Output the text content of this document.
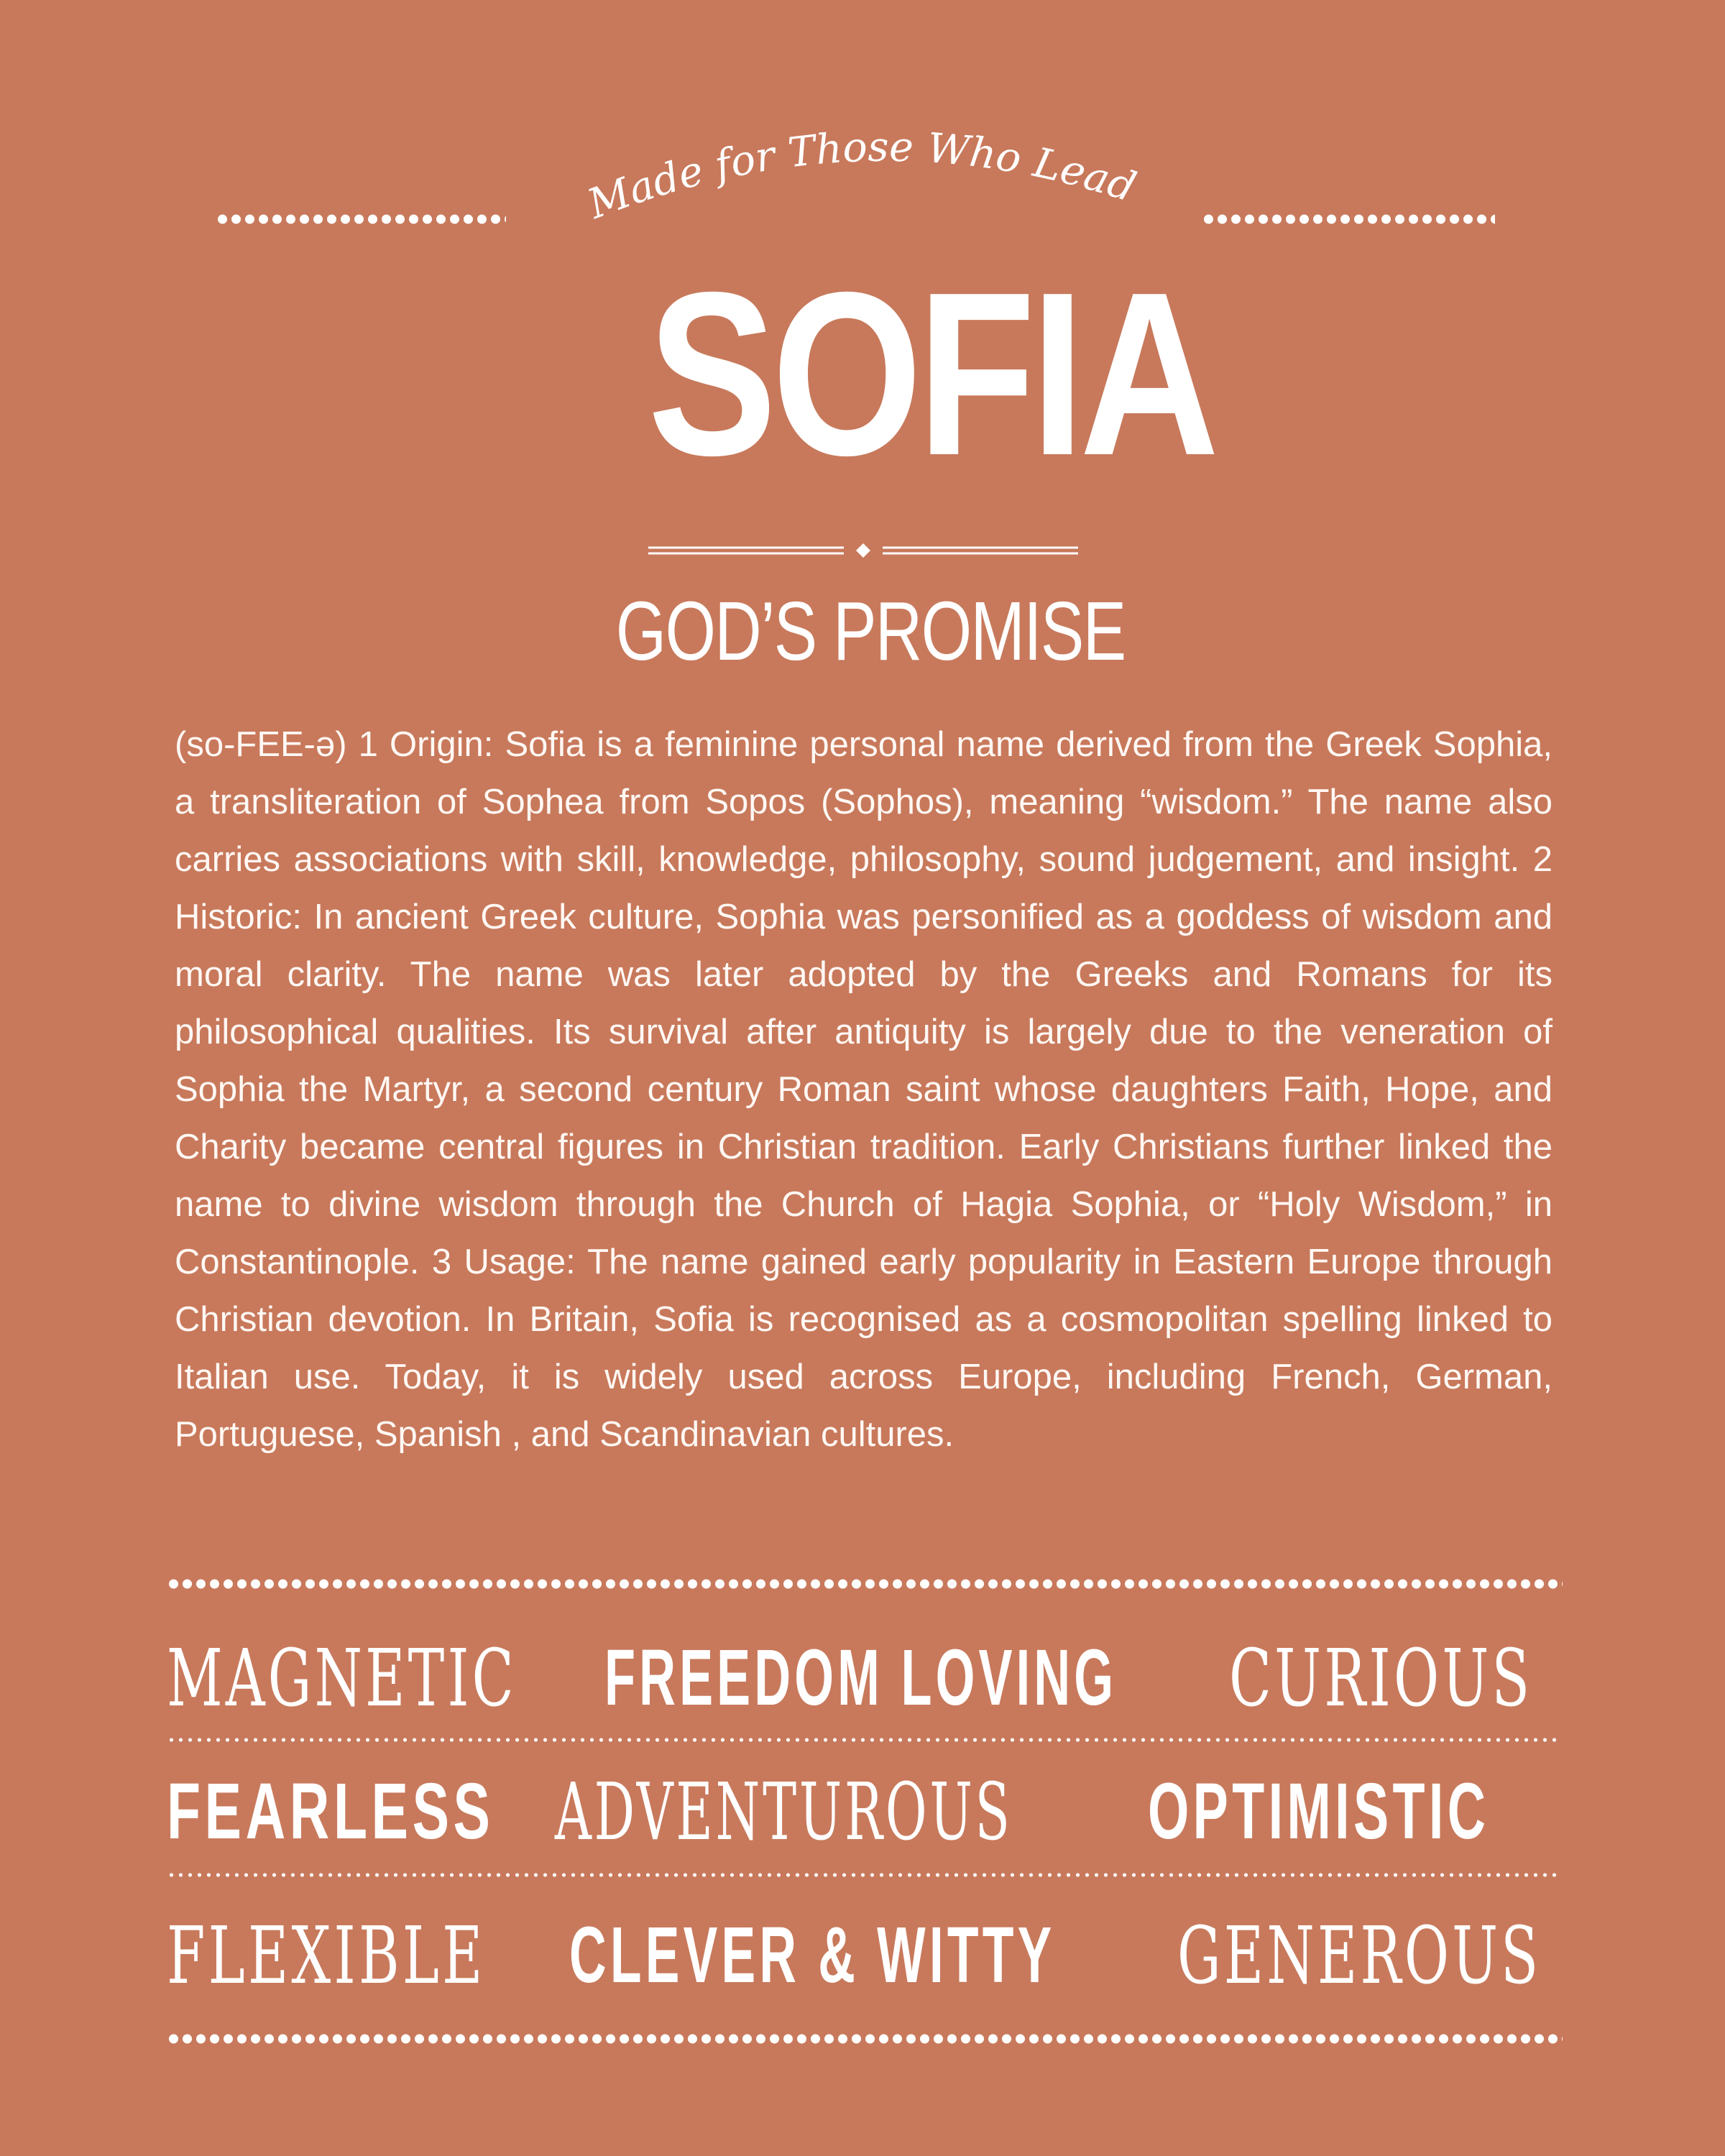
Made for Those Who Lead
SOFIA
GOD’S PROMISE
(so-FEE-ə) 1 Origin: Sofia is a feminine personal name derived from the Greek Sophia, a transliteration of Sophea from Sopos (Sophos), meaning “wisdom.” The name also carries associations with skill, knowledge, philosophy, sound judgement, and insight. 2 Historic: In ancient Greek culture, Sophia was personified as a goddess of wisdom and moral clarity. The name was later adopted by the Greeks and Romans for its philosophical qualities. Its survival after antiquity is largely due to the veneration of Sophia the Martyr, a second century Roman saint whose daughters Faith, Hope, and Charity became central figures in Christian tradition. Early Christians further linked the name to divine wisdom through the Church of Hagia Sophia, or “Holy Wisdom,” in Constantinople. 3 Usage: The name gained early popularity in Eastern Europe through Christian devotion. In Britain, Sofia is recognised as a cosmopolitan spelling linked to Italian use. Today, it is widely used across Europe, including French, German, Portuguese, Spanish , and Scandinavian cultures.
MAGNETIC FREEDOM LOVING CURIOUS
FEARLESS ADVENTUROUS OPTIMISTIC
FLEXIBLE CLEVER & WITTY GENEROUS
